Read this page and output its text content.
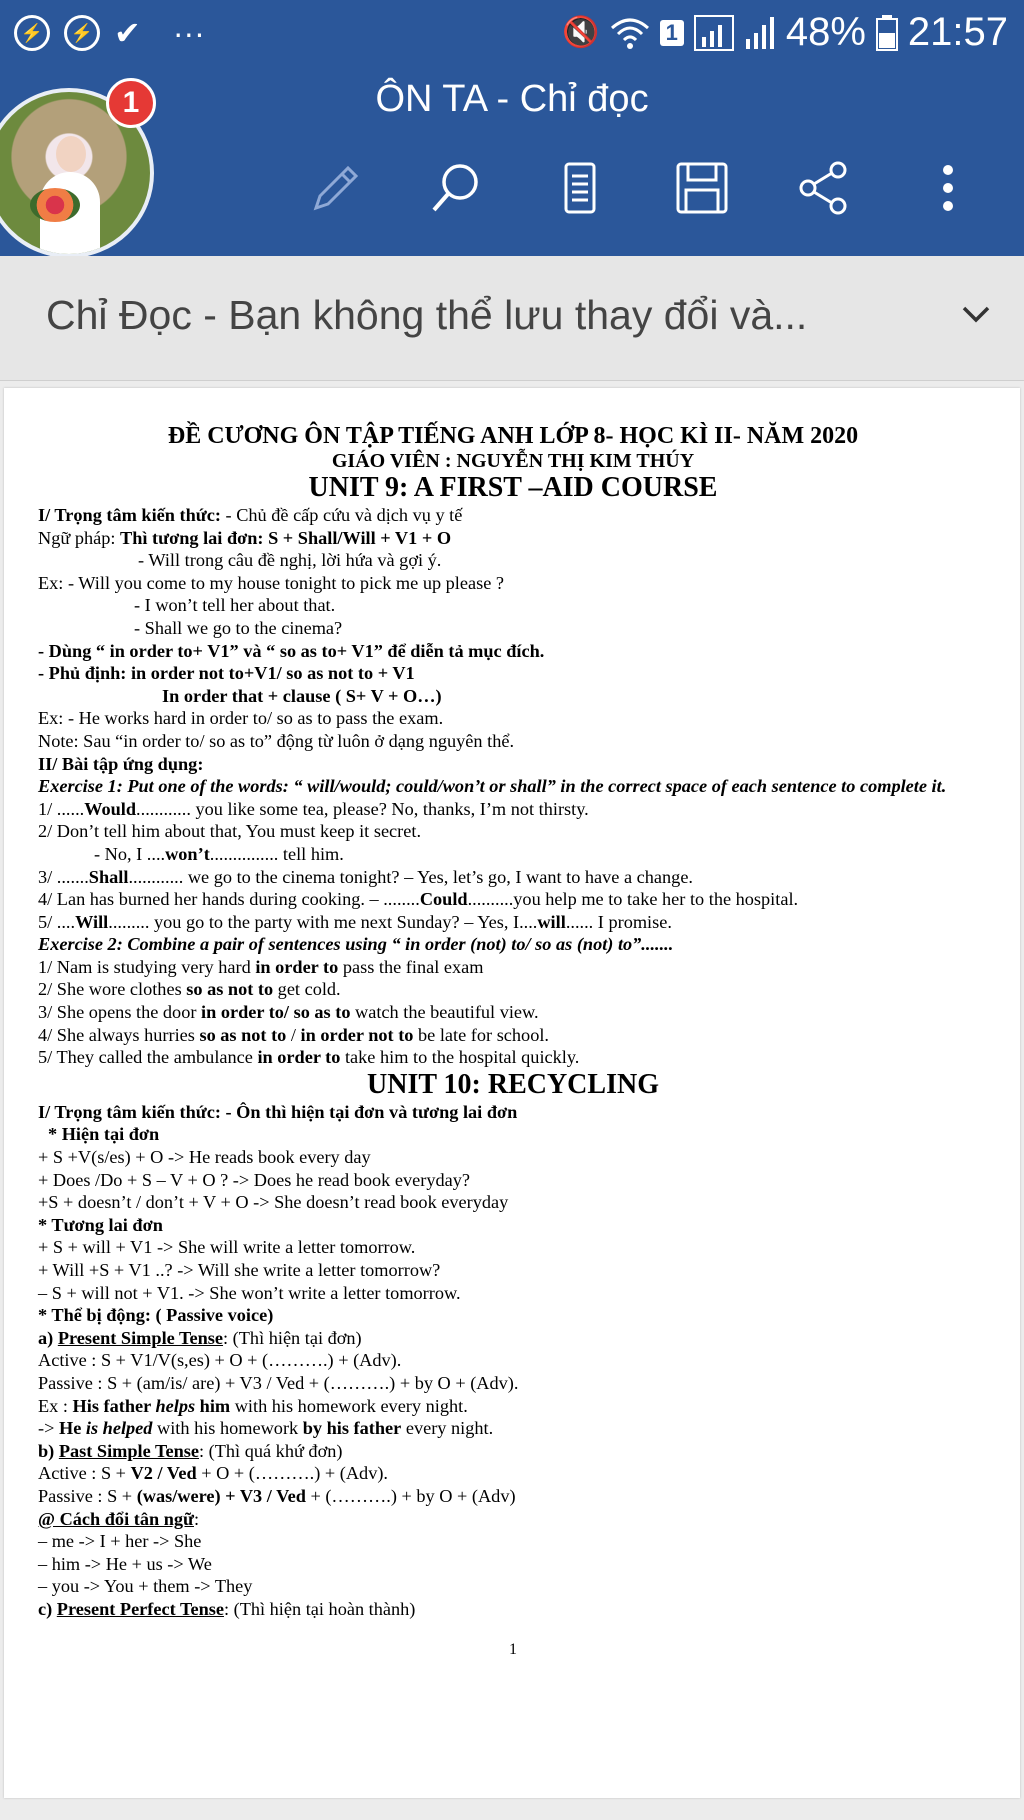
⚡	⚡ ✔ ···	🔇	1	48% 21:57
ÔN TA - Chỉ đọc
1
Chỉ Đọc - Bạn không thể lưu thay đổi và...
ĐỀ CƯƠNG ÔN TẬP TIẾNG ANH LỚP 8- HỌC KÌ II- NĂM 2020
GIÁO VIÊN : NGUYỄN THỊ KIM THÚY
UNIT 9: A FIRST –AID COURSE
I/ Trọng tâm kiến thức: - Chủ đề cấp cứu và dịch vụ y tế
Ngữ pháp: Thì tương lai đơn: S + Shall/Will + V1 + O
- Will trong câu đề nghị, lời hứa và gợi ý.
Ex: - Will you come to my house tonight to pick me up please ?
- I won’t tell her about that.
- Shall we go to the cinema?
- Dùng “ in order to+ V1” và “ so as to+ V1” để diễn tả mục đích.
- Phủ định: in order not to+V1/ so as not to + V1
In order that + clause ( S+ V + O…)
Ex: - He works hard in order to/ so as to pass the exam.
Note: Sau “in order to/ so as to” động từ luôn ở dạng nguyên thể.
II/ Bài tập ứng dụng:
Exercise 1: Put one of the words: “ will/would; could/won’t or shall” in the correct space of each sentence to complete it.
1/ ......Would............ you like some tea, please? No, thanks, I’m not thirsty.
2/ Don’t tell him about that, You must keep it secret.
- No, I ....won’t............... tell him.
3/ .......Shall............ we go to the cinema tonight? – Yes, let’s go, I want to have a change.
4/ Lan has burned her hands during cooking. – ........Could..........you help me to take her to the hospital.
5/ ....Will......... you go to the party with me next Sunday? – Yes, I....will...... I promise.
Exercise 2: Combine a pair of sentences using “ in order (not) to/ so as (not) to”.......
1/ Nam is studying very hard in order to pass the final exam
2/ She wore clothes so as not to get cold.
3/ She opens the door in order to/ so as to watch the beautiful view.
4/ She always hurries so as not to / in order not to be late for school.
5/ They called the ambulance in order to take him to the hospital quickly.
UNIT 10: RECYCLING
I/ Trọng tâm kiến thức: - Ôn thì hiện tại đơn và tương lai đơn
* Hiện tại đơn
+ S +V(s/es) + O -> He reads book every day
+ Does /Do + S – V + O ? -> Does he read book everyday?
+S + doesn’t / don’t + V + O -> She doesn’t read book everyday
* Tương lai đơn
+ S + will + V1 -> She will write a letter tomorrow.
+ Will +S + V1 ..? -> Will she write a letter tomorrow?
– S + will not + V1. -> She won’t write a letter tomorrow.
* Thể bị động: ( Passive voice)
a) Present Simple Tense: (Thì hiện tại đơn)
Active : S + V1/V(s,es) + O + (……….) + (Adv).
Passive : S + (am/is/ are) + V3 / Ved + (……….) + by O + (Adv).
Ex : His father helps him with his homework every night.
-> He is helped with his homework by his father every night.
b) Past Simple Tense: (Thì quá khứ đơn)
Active : S + V2 / Ved + O + (……….) + (Adv).
Passive : S + (was/were) + V3 / Ved + (……….) + by O + (Adv)
@ Cách đổi tân ngữ:
– me -> I + her -> She
– him -> He + us -> We
– you -> You + them -> They
c) Present Perfect Tense: (Thì hiện tại hoàn thành)
1
